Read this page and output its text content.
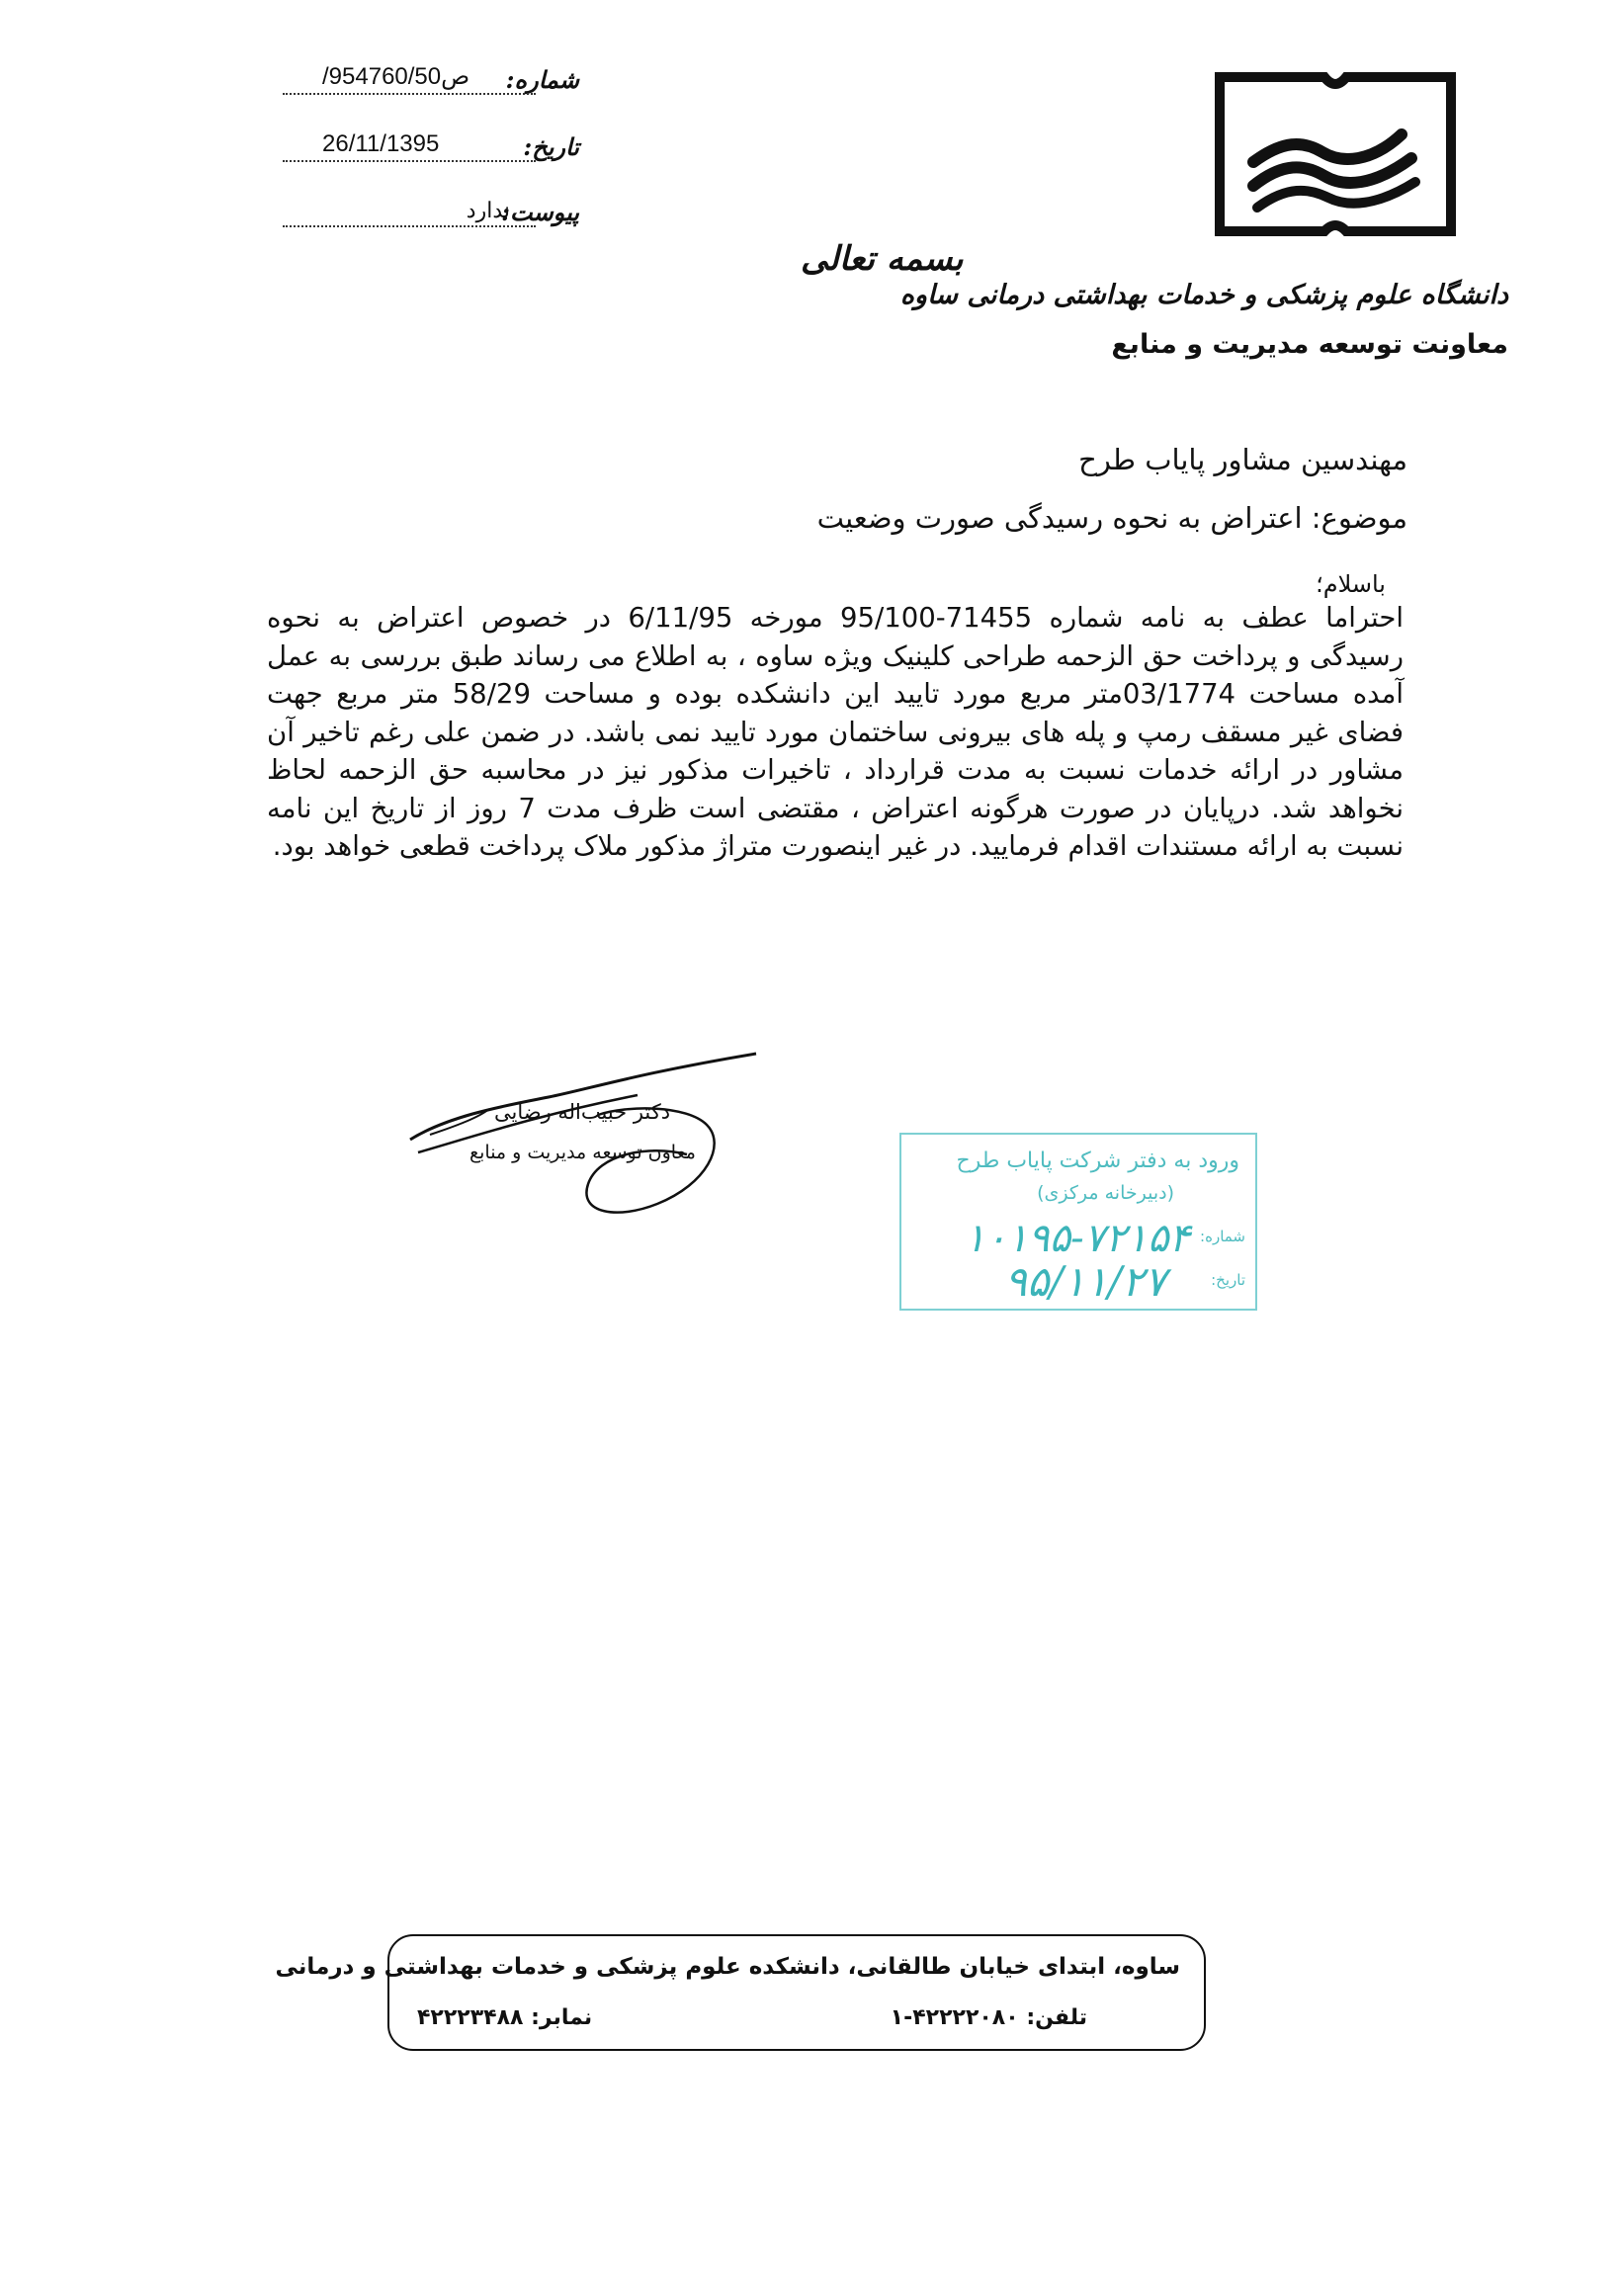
شماره:
/95ص4760/50
تاریخ:
26/11/1395
پیوست:
ندارد
بسمه تعالی
دانشگاه علوم پزشکی و خدمات بهداشتی درمانی ساوه
معاونت توسعه مدیریت و منابع
مهندسین مشاور پایاب طرح
موضوع: اعتراض به نحوه رسیدگی صورت وضعیت
باسلام؛
احتراما عطف به نامه شماره 71455-95/100 مورخه 6/11/95 در خصوص اعتراض به نحوه رسیدگی و پرداخت حق الزحمه طراحی کلینیک ویژه ساوه ، به اطلاع می رساند طبق بررسی به عمل آمده مساحت 03/1774متر مربع مورد تایید این دانشکده بوده و مساحت 58/29 متر مربع جهت فضای غیر مسقف رمپ و پله های بیرونی ساختمان مورد تایید نمی باشد. در ضمن علی رغم تاخیر آن مشاور در ارائه خدمات نسبت به مدت قرارداد ، تاخیرات مذکور نیز در محاسبه حق الزحمه لحاظ نخواهد شد. درپایان در صورت هرگونه اعتراض ، مقتضی است ظرف مدت 7 روز از تاریخ این نامه نسبت به ارائه مستندات اقدام فرمایید. در غیر اینصورت متراژ مذکور ملاک پرداخت قطعی خواهد بود.
دکتر حبیب‌اله رضایی
معاون توسعه مدیریت و منابع	ورود به دفتر شرکت پایاب طرح
(دبیرخانه مرکزی)
شماره:
۱۰۱۹۵-۷۲۱۵۴
تاریخ:
۹۵/۱۱/۲۷
ساوه، ابتدای خیابان طالقانی، دانشکده علوم پزشکی و خدمات بهداشتی و درمانی
تلفن: ۱-۴۲۲۲۲۰۸۰
نمابر: ۴۲۲۲۳۴۸۸
